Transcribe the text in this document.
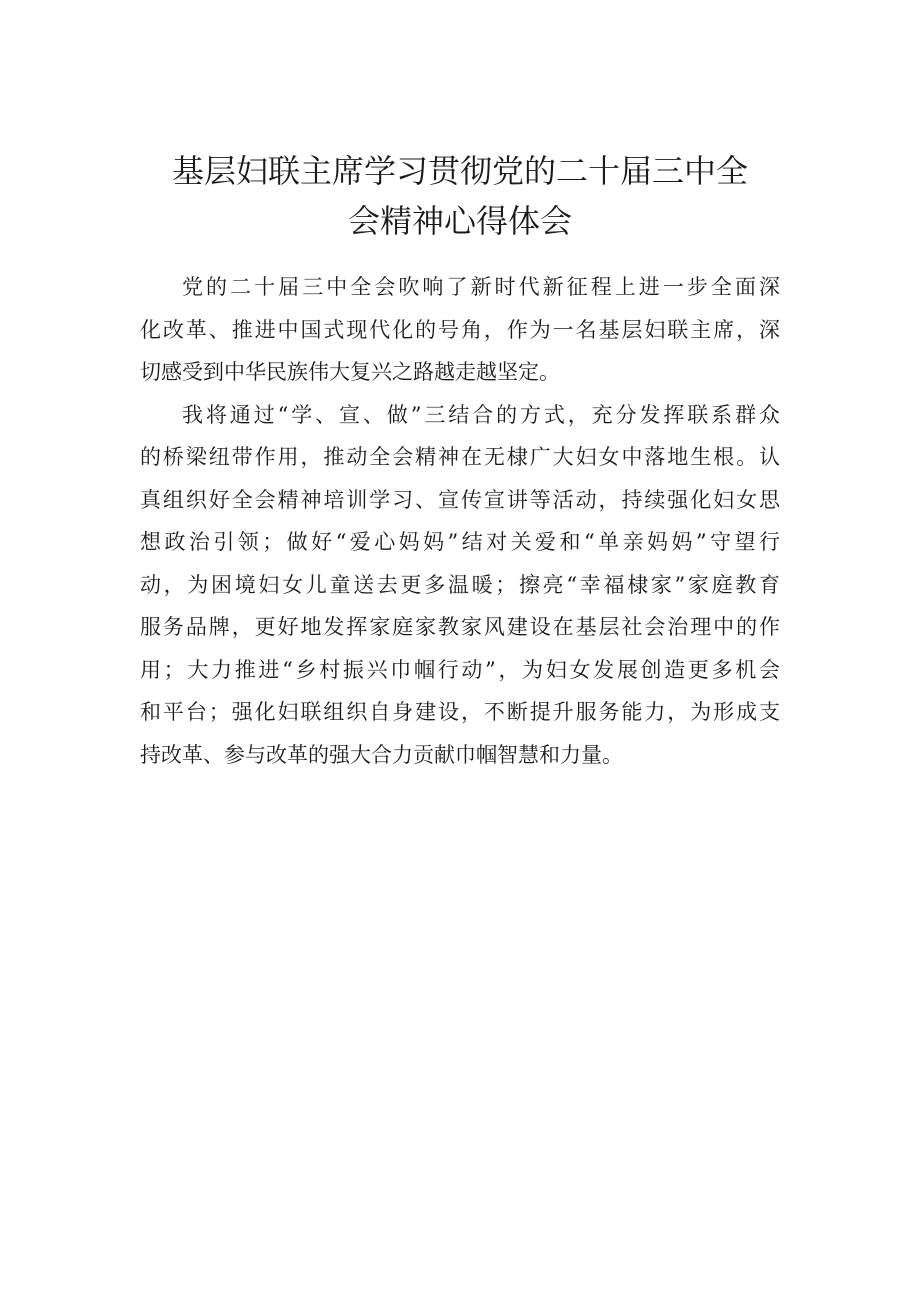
基层妇联主席学习贯彻党的二十届三中全
会精神心得体会

党的二十届三中全会吹响了新时代新征程上进一步全面深
化改革、推进中国式现代化的号角，作为一名基层妇联主席，深
切感受到中华民族伟大复兴之路越走越坚定。

我将通过“学、宣、做”三结合的方式，充分发挥联系群众
的桥梁纽带作用，推动全会精神在无棣广大妇女中落地生根。认
真组织好全会精神培训学习、宣传宣讲等活动，持续强化妇女思
想政治引领；做好“爱心妈妈”结对关爱和“单亲妈妈”守望行
动，为困境妇女儿童送去更多温暖；擦亮“幸福棣家”家庭教育
服务品牌，更好地发挥家庭家教家风建设在基层社会治理中的作
用；大力推进“乡村振兴巾帼行动”，为妇女发展创造更多机会
和平台；强化妇联组织自身建设，不断提升服务能力，为形成支
持改革、参与改革的强大合力贡献巾帼智慧和力量。
